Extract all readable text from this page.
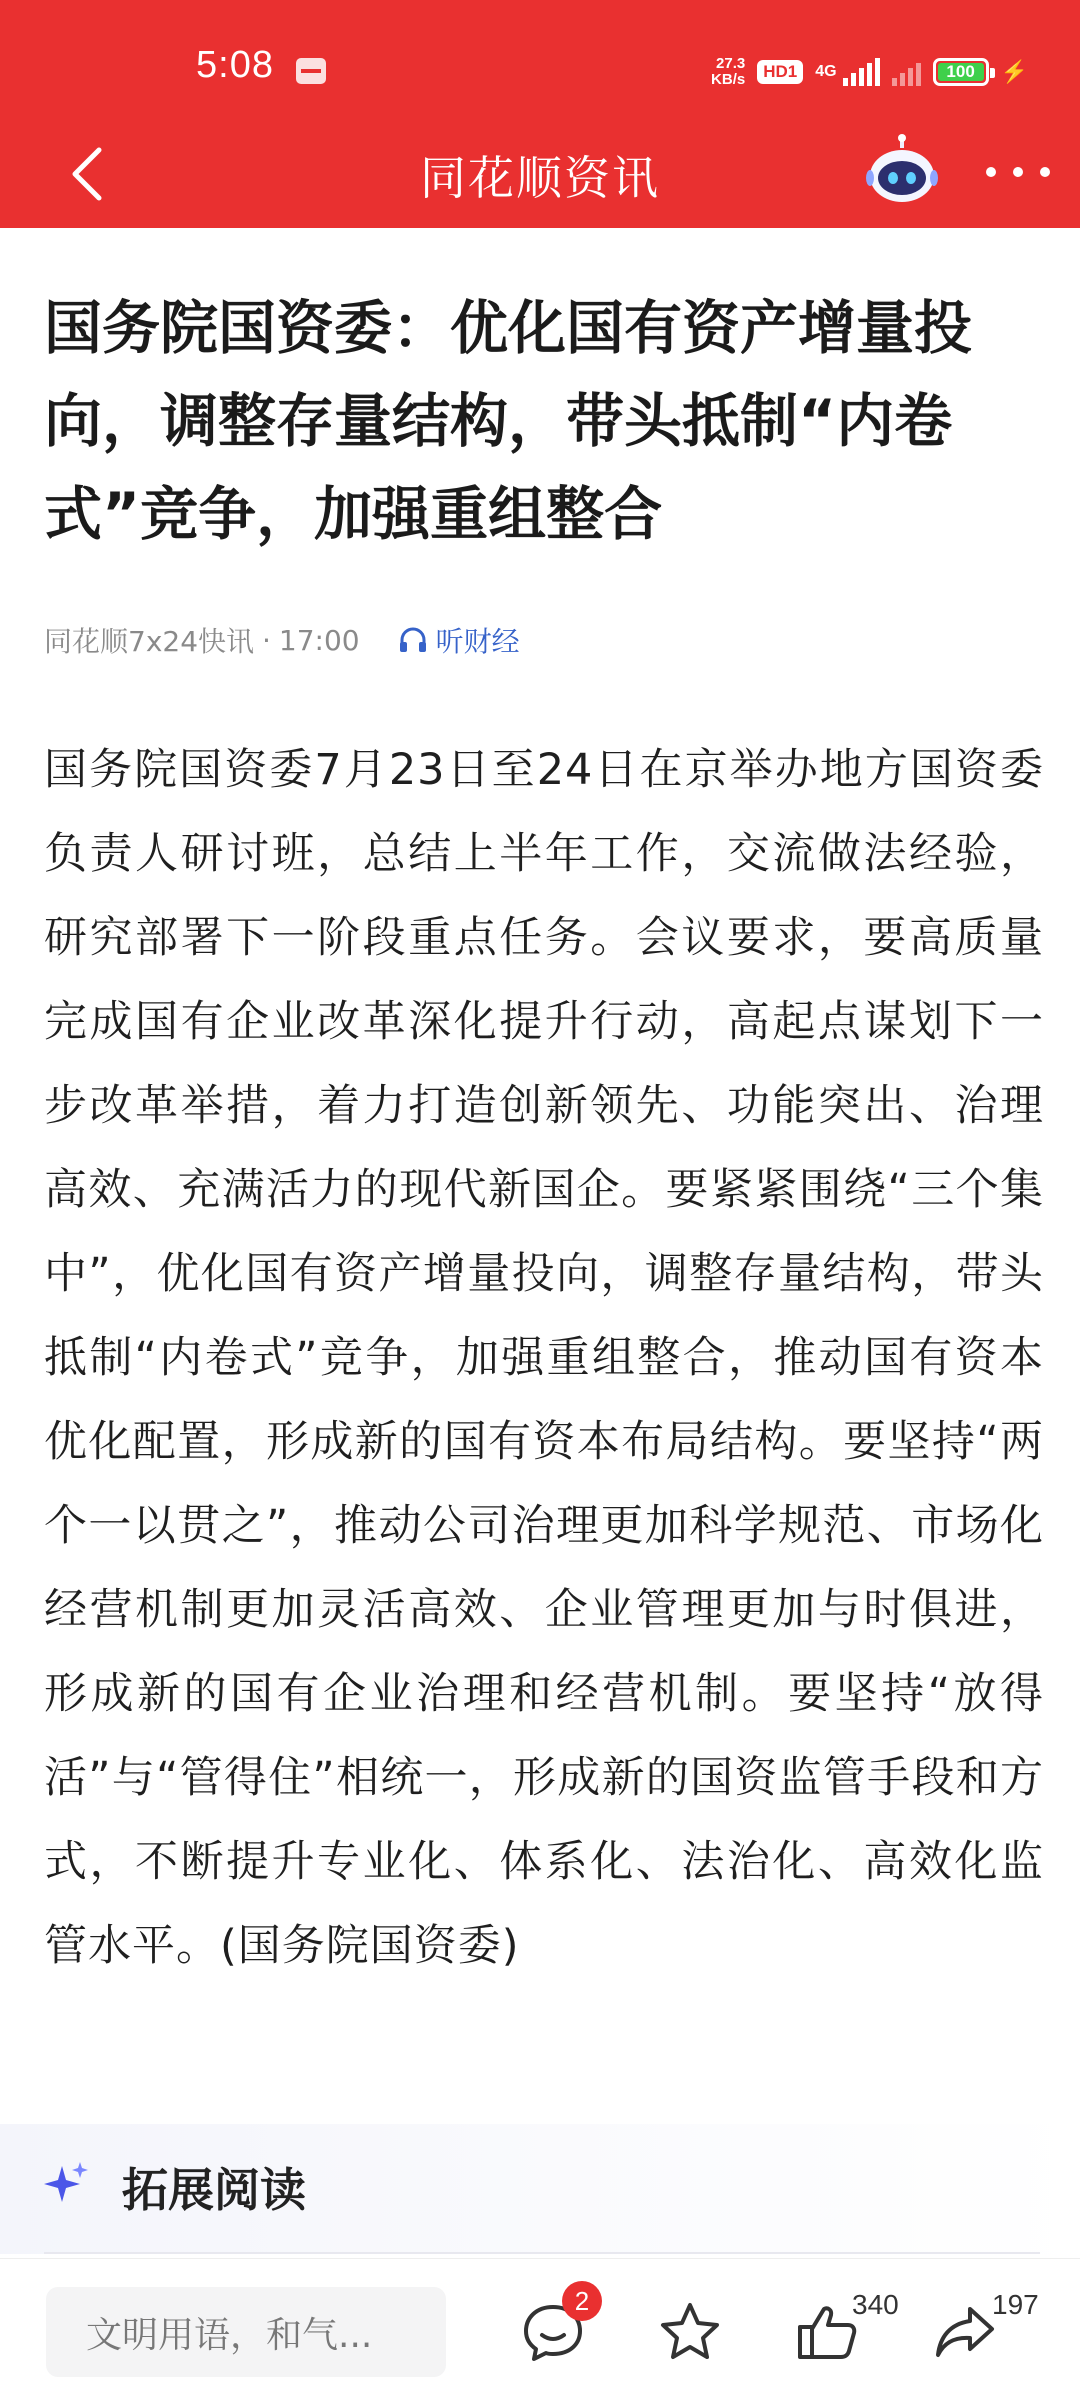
5:08	27.3
KB/s	HD1	4G	100 ⚡
同花顺资讯
国务院国资委：优化国有资产增量投向，调整存量结构，带头抵制“内卷式”竞争，加强重组整合
同花顺7x24快讯 · 17:00	听财经

国务院国资委7月23日至24日在京举办地方国资委负责人研讨班，总结上半年工作，交流做法经验，研究部署下一阶段重点任务。会议要求，要高质量完成国有企业改革深化提升行动，高起点谋划下一步改革举措，着力打造创新领先、功能突出、治理高效、充满活力的现代新国企。要紧紧围绕“三个集中”，优化国有资产增量投向，调整存量结构，带头抵制“内卷式”竞争，加强重组整合，推动国有资本优化配置，形成新的国有资本布局结构。要坚持“两个一以贯之”，推动公司治理更加科学规范、市场化经营机制更加灵活高效、企业管理更加与时俱进，形成新的国有企业治理和经营机制。要坚持“放得活”与“管得住”相统一，形成新的国资监管手段和方式，不断提升专业化、体系化、法治化、高效化监管水平。(国务院国资委)

拓展阅读
文明用语，和气...
2	340	197
